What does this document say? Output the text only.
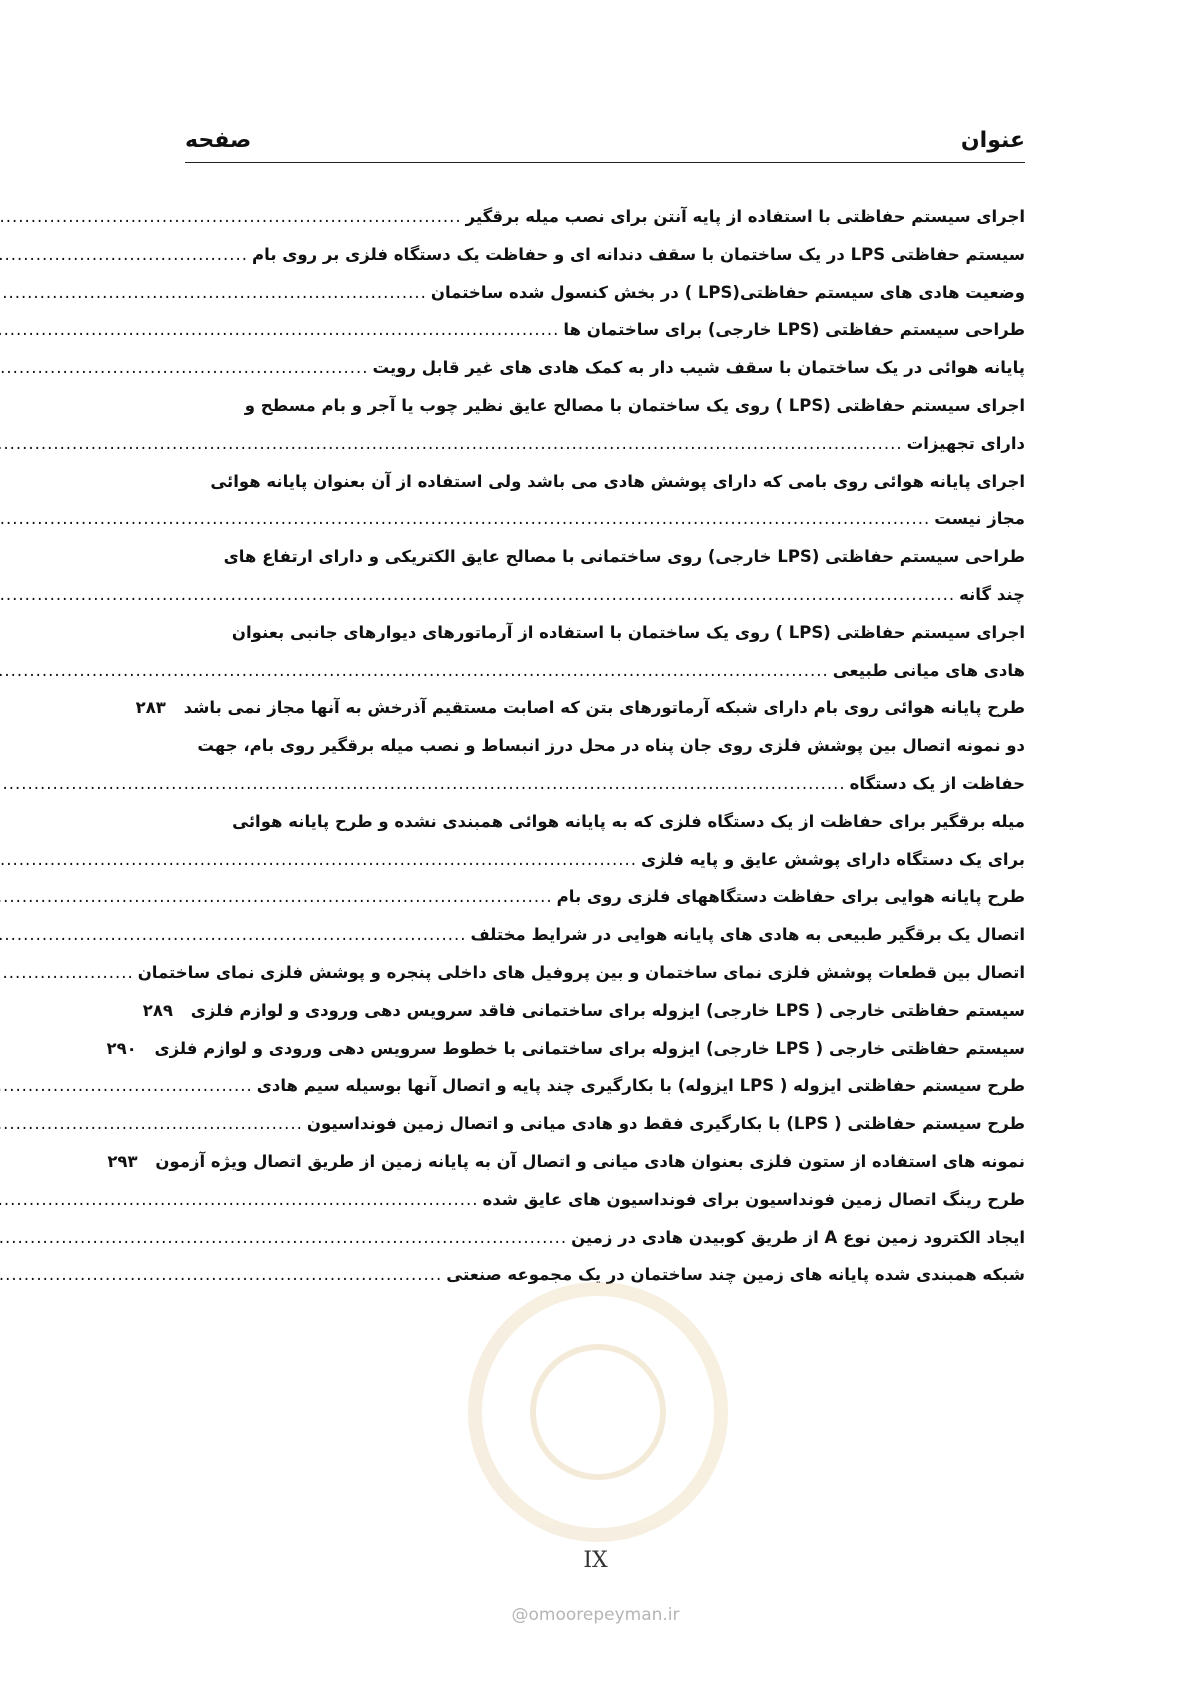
عنوان
صفحه
اجرای سیستم حفاظتی با استفاده از پایه آنتن برای نصب میله برقگیر
.....
سیستم حفاظتی LPS در یک ساختمان با سقف دندانه ای و حفاظت یک دستگاه فلزی بر روی بام
.....
وضعیت هادی های سیستم حفاظتی(LPS ) در بخش کنسول شده ساختمان
.....
طراحی سیستم حفاظتی (LPS خارجی) برای ساختمان ها
.....
پایانه هوائی در یک ساختمان با سقف شیب دار به کمک هادی های غیر قابل رویت
.....
اجرای سیستم حفاظتی (LPS ) روی یک ساختمان با مصالح عایق نظیر چوب یا آجر و بام مسطح و
دارای تجهیزات
.....
اجرای پایانه هوائی روی بامی که دارای پوشش هادی می باشد ولی استفاده از آن بعنوان پایانه هوائی
مجاز نیست
.....
طراحی سیستم حفاظتی (LPS خارجی) روی ساختمانی با مصالح عایق الکتریکی و دارای ارتفاع های
چند گانه
.....
اجرای سیستم حفاظتی (LPS ) روی یک ساختمان با استفاده از آرماتورهای دیوارهای جانبی بعنوان
هادی های میانی طبیعی
.....
طرح پایانه هوائی روی بام دارای شبکه آرماتورهای بتن که اصابت مستقیم آذرخش به آنها مجاز نمی باشد
۲۸۳
دو نمونه اتصال بین پوشش فلزی روی جان پناه در محل درز انبساط و نصب میله برقگیر روی بام، جهت
حفاظت از یک دستگاه
.....
میله برقگیر برای حفاظت از یک دستگاه فلزی که به پایانه هوائی همبندی نشده و طرح پایانه هوائی
برای یک دستگاه دارای پوشش عایق و پایه فلزی
.....
طرح پایانه هوایی برای حفاظت دستگاههای فلزی روی بام
.....
اتصال یک برقگیر طبیعی به هادی های پایانه هوایی در شرایط مختلف
.....
اتصال بین قطعات پوشش فلزی نمای ساختمان و بین پروفیل های داخلی پنجره و پوشش فلزی نمای ساختمان
.....
سیستم حفاظتی خارجی ( LPS خارجی) ایزوله برای ساختمانی فاقد سرویس دهی ورودی و لوازم فلزی
۲۸۹
سیستم حفاظتی خارجی ( LPS خارجی) ایزوله برای ساختمانی با خطوط سرویس دهی ورودی و لوازم فلزی
۲۹۰
طرح سیستم حفاظتی ایزوله ( LPS ایزوله) با بکارگیری چند پایه و اتصال آنها بوسیله سیم هادی
.....
طرح سیستم حفاظتی ( LPS) با بکارگیری فقط دو هادی میانی و اتصال زمین فونداسیون
.....
نمونه های استفاده از ستون فلزی بعنوان هادی میانی و اتصال آن به پایانه زمین از طریق اتصال ویژه آزمون
۲۹۳
طرح رینگ اتصال زمین فونداسیون برای فونداسیون های عایق شده
.....
ایجاد الکترود زمین نوع A از طریق کوبیدن هادی در زمین
.....
شبکه همبندی شده پایانه های زمین چند ساختمان در یک مجموعه صنعتی
.....
IX
@omoorepeyman.ir
